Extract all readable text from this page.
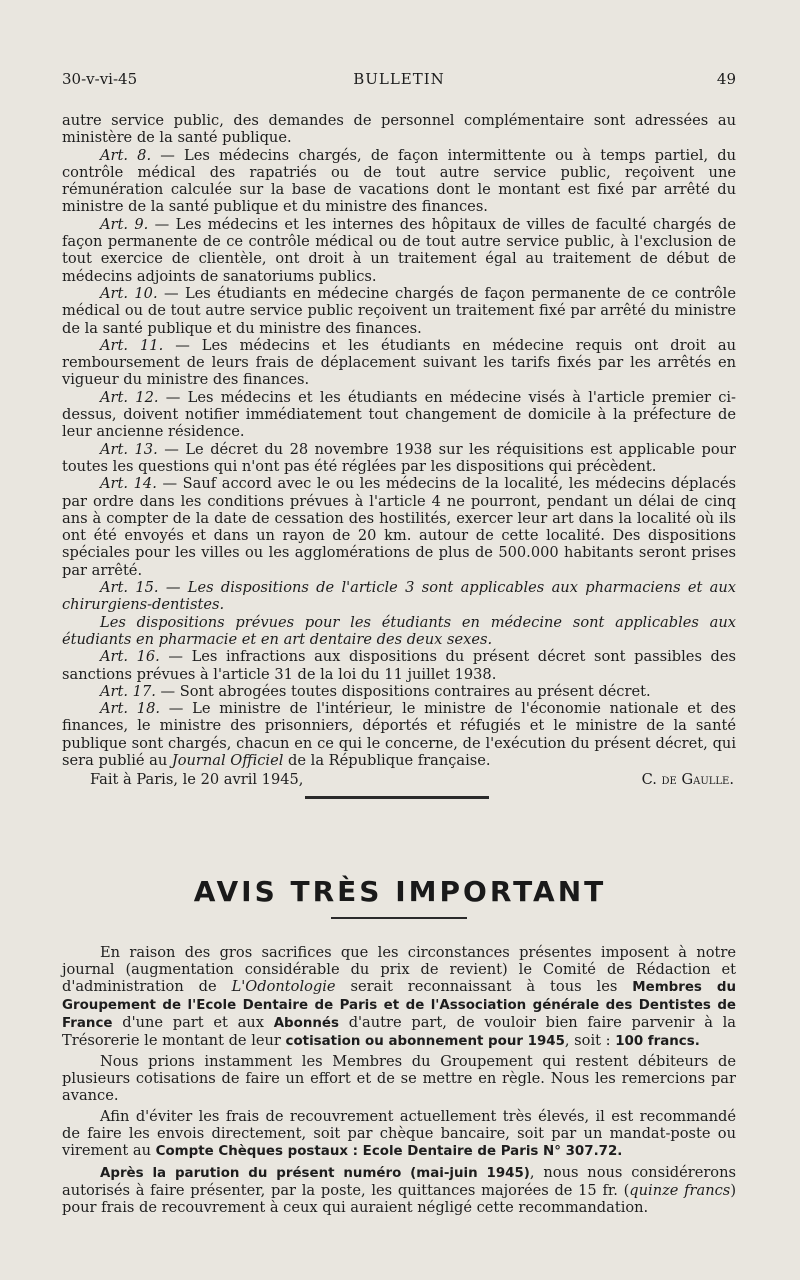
30-v-vi-45	BULLETIN	49

autre service public, des demandes de personnel complémentaire sont adressées au ministère de la santé publique.

Art. 8. — Les médecins chargés, de façon intermittente ou à temps partiel, du contrôle médical des rapatriés ou de tout autre service public, reçoivent une rémunération calculée sur la base de vacations dont le montant est fixé par arrêté du ministre de la santé publique et du ministre des finances.

Art. 9. — Les médecins et les internes des hôpitaux de villes de faculté chargés de façon permanente de ce contrôle médical ou de tout autre service public, à l'exclusion de tout exercice de clientèle, ont droit à un traitement égal au traitement de début de médecins adjoints de sanatoriums publics.

Art. 10. — Les étudiants en médecine chargés de façon permanente de ce contrôle médical ou de tout autre service public reçoivent un traitement fixé par arrêté du ministre de la santé publique et du ministre des finances.

Art. 11. — Les médecins et les étudiants en médecine requis ont droit au remboursement de leurs frais de déplacement suivant les tarifs fixés par les arrêtés en vigueur du ministre des finances.

Art. 12. — Les médecins et les étudiants en médecine visés à l'article premier ci-dessus, doivent notifier immédiatement tout changement de domicile à la préfecture de leur ancienne résidence.

Art. 13. — Le décret du 28 novembre 1938 sur les réquisitions est applicable pour toutes les questions qui n'ont pas été réglées par les dispositions qui précèdent.

Art. 14. — Sauf accord avec le ou les médecins de la localité, les médecins déplacés par ordre dans les conditions prévues à l'article 4 ne pourront, pendant un délai de cinq ans à compter de la date de cessation des hostilités, exercer leur art dans la localité où ils ont été envoyés et dans un rayon de 20 km. autour de cette localité. Des dispositions spéciales pour les villes ou les agglomérations de plus de 500.000 habitants seront prises par arrêté.

Art. 15. — Les dispositions de l'article 3 sont applicables aux pharmaciens et aux chirurgiens-dentistes.

Les dispositions prévues pour les étudiants en médecine sont applicables aux étudiants en pharmacie et en art dentaire des deux sexes.

Art. 16. — Les infractions aux dispositions du présent décret sont passibles des sanctions prévues à l'article 31 de la loi du 11 juillet 1938.

Art. 17. — Sont abrogées toutes dispositions contraires au présent décret.

Art. 18. — Le ministre de l'intérieur, le ministre de l'économie nationale et des finances, le ministre des prisonniers, déportés et réfugiés et le ministre de la santé publique sont chargés, chacun en ce qui le concerne, de l'exécution du présent décret, qui sera publié au Journal Officiel de la République française.

Fait à Paris, le 20 avril 1945,	C. de Gaulle.
AVIS TRÈS IMPORTANT

En raison des gros sacrifices que les circonstances présentes imposent à notre journal (augmentation considérable du prix de revient) le Comité de Rédaction et d'administration de L'Odontologie serait reconnaissant à tous les Membres du Groupement de l'Ecole Dentaire de Paris et de l'Association générale des Dentistes de France d'une part et aux Abonnés d'autre part, de vouloir bien faire parvenir à la Trésorerie le montant de leur cotisation ou abonnement pour 1945, soit : 100 francs.

Nous prions instamment les Membres du Groupement qui restent débiteurs de plusieurs cotisations de faire un effort et de se mettre en règle. Nous les remercions par avance.

Afin d'éviter les frais de recouvrement actuellement très élevés, il est recommandé de faire les envois directement, soit par chèque bancaire, soit par un mandat-poste ou virement au Compte Chèques postaux : Ecole Dentaire de Paris N° 307.72.

Après la parution du présent numéro (mai-juin 1945), nous nous considérerons autorisés à faire présenter, par la poste, les quittances majorées de 15 fr. (quinze francs) pour frais de recouvrement à ceux qui auraient négligé cette recommandation.
